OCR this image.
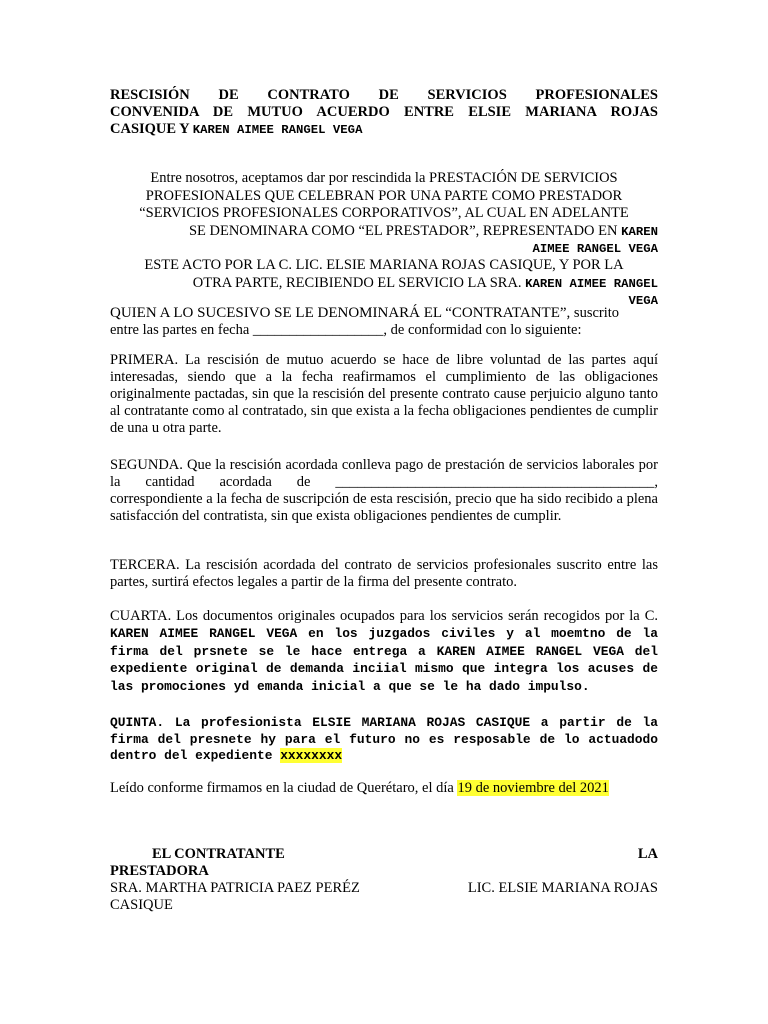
RESCISIÓN DE CONTRATO DE SERVICIOS PROFESIONALES
CONVENIDA DE MUTUO ACUERDO ENTRE ELSIE MARIANA ROJAS
CASIQUE Y KAREN AIMEE RANGEL VEGA
Entre nosotros, aceptamos dar por rescindida la PRESTACIÓN DE SERVICIOS
PROFESIONALES QUE CELEBRAN POR UNA PARTE COMO PRESTADOR
“SERVICIOS PROFESIONALES CORPORATIVOS”, AL CUAL EN ADELANTE
SE DENOMINARA COMO “EL PRESTADOR”, REPRESENTADO EN KAREN
AIMEE RANGEL VEGA
ESTE ACTO POR LA C. LIC. ELSIE MARIANA ROJAS CASIQUE, Y POR LA
OTRA PARTE, RECIBIENDO EL SERVICIO LA SRA. KAREN AIMEE RANGEL
VEGA
QUIEN A LO SUCESIVO SE LE DENOMINARÁ EL “CONTRATANTE”, suscrito
entre las partes en fecha __________________, de conformidad con lo siguiente:
PRIMERA. La rescisión de mutuo acuerdo se hace de libre voluntad de las partes aquí interesadas, siendo que a la fecha reafirmamos el cumplimiento de las obligaciones originalmente pactadas, sin que la rescisión del presente contrato cause perjuicio alguno tanto al contratante como al contratado, sin que exista a la fecha obligaciones pendientes de cumplir de una u otra parte.
SEGUNDA. Que la rescisión acordada conlleva pago de prestación de servicios laborales por la cantidad acordada de ____________________________________________, correspondiente a la fecha de suscripción de esta rescisión, precio que ha sido recibido a plena satisfacción del contratista, sin que exista obligaciones pendientes de cumplir.
TERCERA. La rescisión acordada del contrato de servicios profesionales suscrito entre las partes, surtirá efectos legales a partir de la firma del presente contrato.
CUARTA. Los documentos originales ocupados para los servicios serán recogidos por la C. KAREN AIMEE RANGEL VEGA en los juzgados civiles y al moemtno de la firma del prsnete se le hace entrega a KAREN AIMEE RANGEL VEGA del expediente original de demanda inciial mismo que integra los acuses de las promociones yd emanda inicial a que se le ha dado impulso.
QUINTA. La profesionista ELSIE MARIANA ROJAS CASIQUE a partir de la firma del presnete hy para el futuro no es resposable de lo actuadodo dentro del expediente xxxxxxxx
Leído conforme firmamos en la ciudad de Querétaro, el día 19 de noviembre del 2021
EL CONTRATANTE	LA
PRESTADORA
SRA. MARTHA PATRICIA PAEZ PERÉZ	LIC. ELSIE MARIANA ROJAS
CASIQUE
